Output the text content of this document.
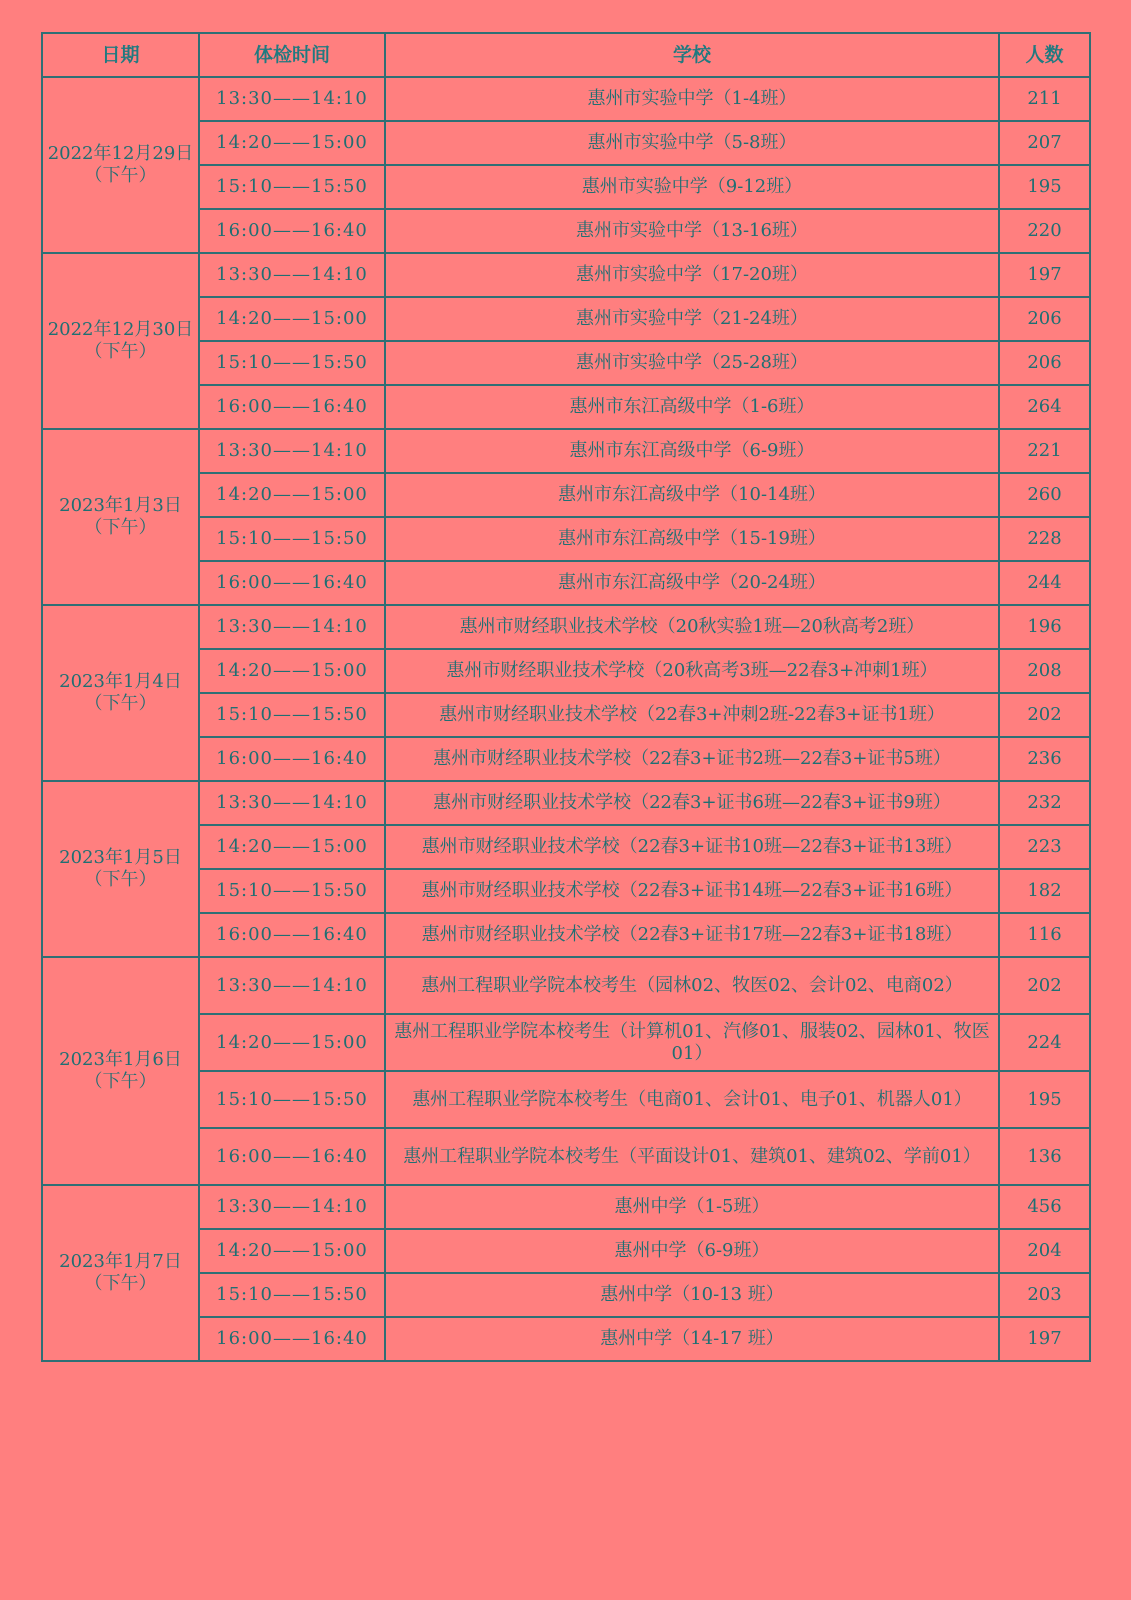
日期	体检时间	学校	人数

2022年12月29日
（下午）	13:30——14:10	惠州市实验中学（1-4班）	211
	14:20——15:00	惠州市实验中学（5-8班）	207
	15:10——15:50	惠州市实验中学（9-12班）	195
	16:00——16:40	惠州市实验中学（13-16班）	220

2022年12月30日
（下午）	13:30——14:10	惠州市实验中学（17-20班）	197
	14:20——15:00	惠州市实验中学（21-24班）	206
	15:10——15:50	惠州市实验中学（25-28班）	206
	16:00——16:40	惠州市东江高级中学（1-6班）	264

2023年1月3日
（下午）	13:30——14:10	惠州市东江高级中学（6-9班）	221
	14:20——15:00	惠州市东江高级中学（10-14班）	260
	15:10——15:50	惠州市东江高级中学（15-19班）	228
	16:00——16:40	惠州市东江高级中学（20-24班）	244

2023年1月4日
（下午）	13:30——14:10	惠州市财经职业技术学校（20秋实验1班—20秋高考2班）	196
	14:20——15:00	惠州市财经职业技术学校（20秋高考3班—22春3+冲刺1班）	208
	15:10——15:50	惠州市财经职业技术学校（22春3+冲刺2班-22春3+证书1班）	202
	16:00——16:40	惠州市财经职业技术学校（22春3+证书2班—22春3+证书5班）	236

2023年1月5日
（下午）	13:30——14:10	惠州市财经职业技术学校（22春3+证书6班—22春3+证书9班）	232
	14:20——15:00	惠州市财经职业技术学校（22春3+证书10班—22春3+证书13班）	223
	15:10——15:50	惠州市财经职业技术学校（22春3+证书14班—22春3+证书16班）	182
	16:00——16:40	惠州市财经职业技术学校（22春3+证书17班—22春3+证书18班）	116

2023年1月6日
（下午）	13:30——14:10	惠州工程职业学院本校考生（园林02、牧医02、会计02、电商02）	202
	14:20——15:00	惠州工程职业学院本校考生（计算机01、汽修01、服装02、园林01、牧医01）	224
	15:10——15:50	惠州工程职业学院本校考生（电商01、会计01、电子01、机器人01）	195
	16:00——16:40	惠州工程职业学院本校考生（平面设计01、建筑01、建筑02、学前01）	136

2023年1月7日
（下午）	13:30——14:10	惠州中学（1-5班）	456
	14:20——15:00	惠州中学（6-9班）	204
	15:10——15:50	惠州中学（10-13 班）	203
	16:00——16:40	惠州中学（14-17 班）	197
